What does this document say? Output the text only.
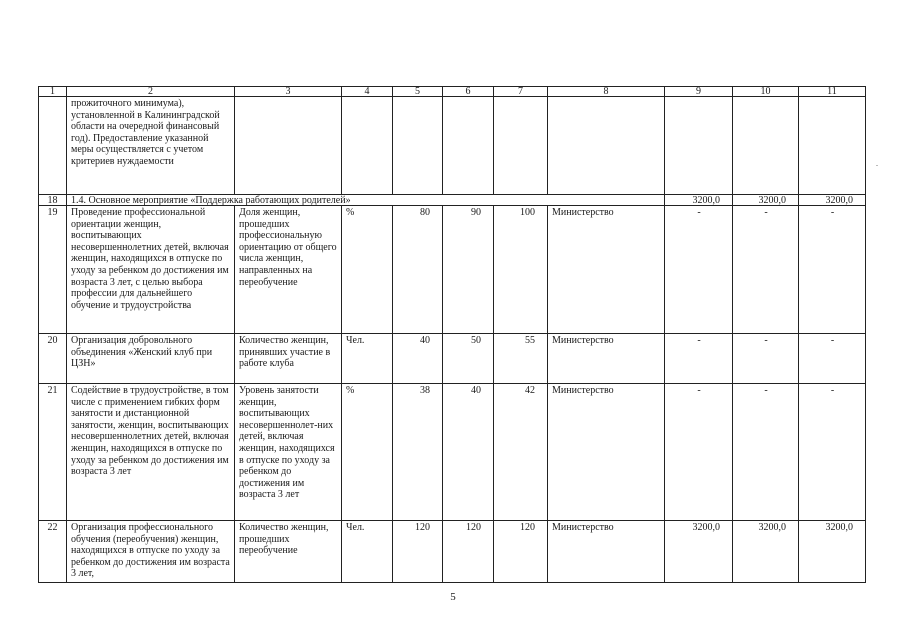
1	2	3	4	5	6	7	8	9	10	11
	прожиточного минимума), установленной в Калининградской области на очередной финансовый год). Предоставление указанной меры осуществляется с учетом критериев нуждаемости									
18	1.4. Основное мероприятие «Поддержка работающих родителей»							3200,0	3200,0	3200,0
19	Проведение профессиональной ориентации женщин, воспитывающих несовершеннолетних детей, включая женщин, находящихся в отпуске по уходу за ребенком до достижения им возраста 3 лет, с целью выбора профессии для дальнейшего обучение и трудоустройства	Доля женщин, прошедших профессиональную ориентацию от общего числа женщин, направленных на переобучение	%	80	90	100	Министерство	-	-	-
20	Организация добровольного объединения «Женский клуб при ЦЗН»	Количество женщин, принявших участие в работе клуба	Чел.	40	50	55	Министерство	-	-	-
21	Содействие в трудоустройстве, в том числе с применением гибких форм занятости и дистанционной занятости, женщин, воспитывающих несовершеннолетних детей, включая женщин, находящихся в отпуске по уходу за ребенком до достижения им возраста 3 лет	Уровень занятости женщин, воспитывающих несовершеннолет-них детей, включая женщин, находящихся в отпуске по уходу за ребенком до достижения им возраста 3 лет	%	38	40	42	Министерство	-	-	-
22	Организация профессионального обучения (переобучения) женщин, находящихся в отпуске по уходу за ребенком до достижения им возраста 3 лет,	Количество женщин, прошедших переобучение	Чел.	120	120	120	Министерство	3200,0	3200,0	3200,0
5
